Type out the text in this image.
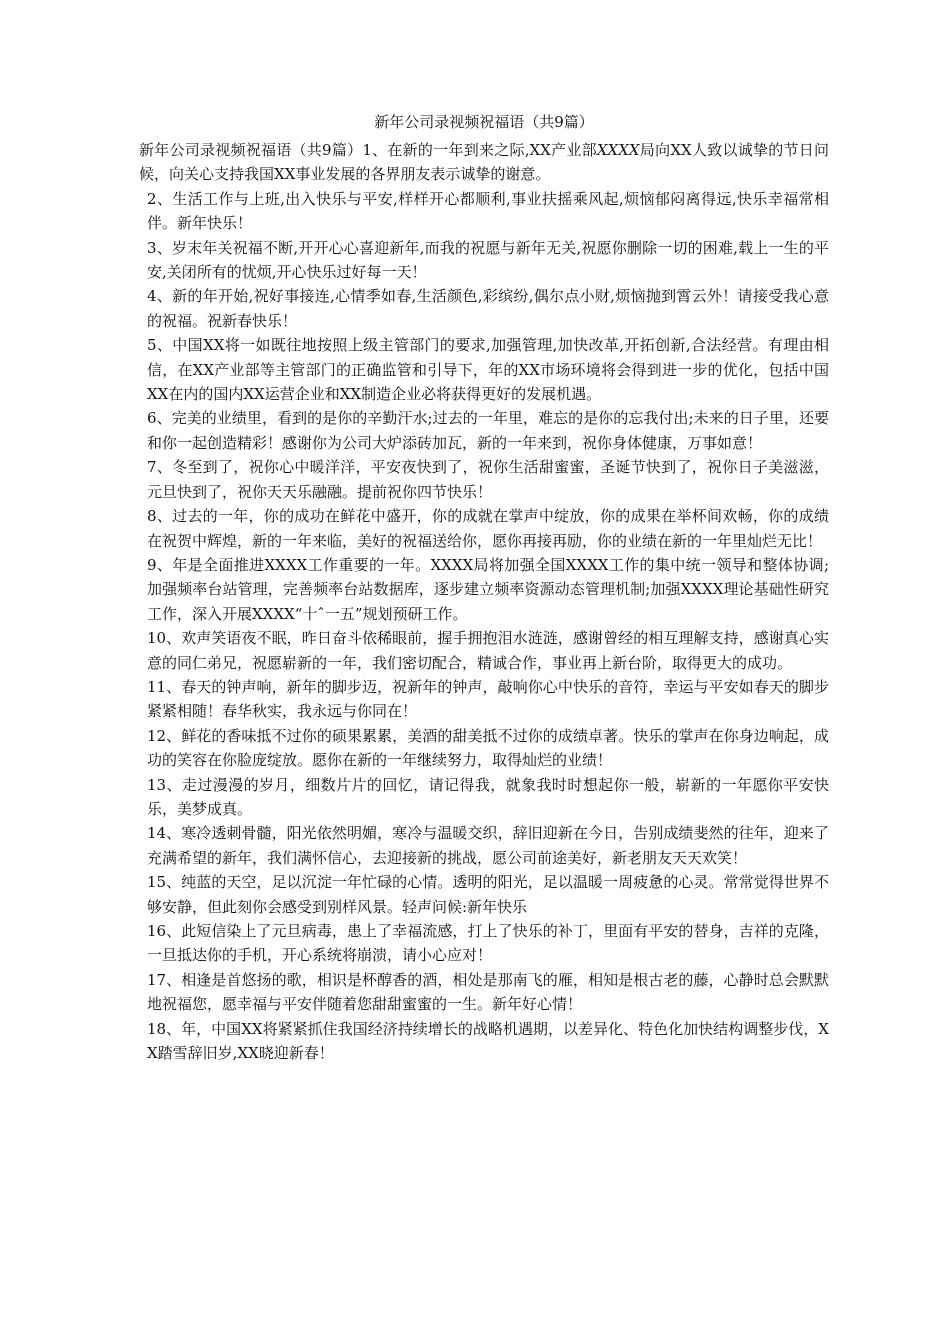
新年公司录视频祝福语（共9篇）

新年公司录视频祝福语（共9篇）1、在新的一年到来之际,XX产业部XXXX局向XX人致以诚挚的节日问候，向关心支持我国XX事业发展的各界朋友表示诚挚的谢意。

2、生活工作与上班,出入快乐与平安,样样开心都顺利,事业扶摇乘风起,烦恼郁闷离得远,快乐幸福常相伴。新年快乐！

3、岁末年关祝福不断,开开心心喜迎新年,而我的祝愿与新年无关,祝愿你删除一切的困难,载上一生的平安,关闭所有的忧烦,开心快乐过好每一天！

4、新的年开始,祝好事接连,心情季如春,生活颜色,彩缤纷,偶尔点小财,烦恼抛到霄云外！请接受我心意的祝福。祝新春快乐！

5、中国XX将一如既往地按照上级主管部门的要求,加强管理,加快改革,开拓创新,合法经营。有理由相信，在XX产业部等主管部门的正确监管和引导下，年的XX市场环境将会得到进一步的优化，包括中国XX在内的国内XX运营企业和XX制造企业必将获得更好的发展机遇。

6、完美的业绩里，看到的是你的辛勤汗水;过去的一年里，难忘的是你的忘我付出;未来的日子里，还要和你一起创造精彩！感谢你为公司大炉添砖加瓦，新的一年来到，祝你身体健康，万事如意！

7、冬至到了，祝你心中暖洋洋，平安夜快到了，祝你生活甜蜜蜜，圣诞节快到了，祝你日子美滋滋，元旦快到了，祝你天天乐融融。提前祝你四节快乐！

8、过去的一年，你的成功在鲜花中盛开，你的成就在掌声中绽放，你的成果在举杯间欢畅，你的成绩在祝贺中辉煌，新的一年来临，美好的祝福送给你，愿你再接再励，你的业绩在新的一年里灿烂无比！

9、年是全面推进XXXX工作重要的一年。XXXX局将加强全国XXXX工作的集中统一领导和整体协调;加强频率台站管理，完善频率台站数据库，逐步建立频率资源动态管理机制;加强XXXX理论基础性研究工作，深入开展XXXX“十ˆ一五”规划预研工作。

10、欢声笑语夜不眠，昨日奋斗依稀眼前，握手拥抱泪水涟涟，感谢曾经的相互理解支持，感谢真心实意的同仁弟兄，祝愿崭新的一年，我们密切配合，精诚合作，事业再上新台阶，取得更大的成功。

11、春天的钟声响，新年的脚步迈，祝新年的钟声，敲响你心中快乐的音符，幸运与平安如春天的脚步紧紧相随！春华秋实，我永远与你同在！

12、鲜花的香味抵不过你的硕果累累，美酒的甜美抵不过你的成绩卓著。快乐的掌声在你身边响起，成功的笑容在你脸庞绽放。愿你在新的一年继续努力，取得灿烂的业绩！

13、走过漫漫的岁月，细数片片的回忆，请记得我，就象我时时想起你一般，崭新的一年愿你平安快乐，美梦成真。

14、寒冷透刺骨髓，阳光依然明媚，寒冷与温暖交织，辞旧迎新在今日，告别成绩斐然的往年，迎来了充满希望的新年，我们满怀信心，去迎接新的挑战，愿公司前途美好，新老朋友天天欢笑！

15、纯蓝的天空，足以沉淀一年忙碌的心情。透明的阳光，足以温暖一周疲惫的心灵。常常觉得世界不够安静，但此刻你会感受到别样风景。轻声问候:新年快乐

16、此短信染上了元旦病毒，患上了幸福流感，打上了快乐的补丁，里面有平安的替身，吉祥的克隆，一旦抵达你的手机，开心系统将崩溃，请小心应对！

17、相逢是首悠扬的歌，相识是杯醇香的酒，相处是那南飞的雁，相知是根古老的藤，心静时总会默默地祝福您，愿幸福与平安伴随着您甜甜蜜蜜的一生。新年好心情！

18、年，中国XX将紧紧抓住我国经济持续增长的战略机遇期，以差异化、特色化加快结构调整步伐，XX踏雪辞旧岁,XX晓迎新春！
